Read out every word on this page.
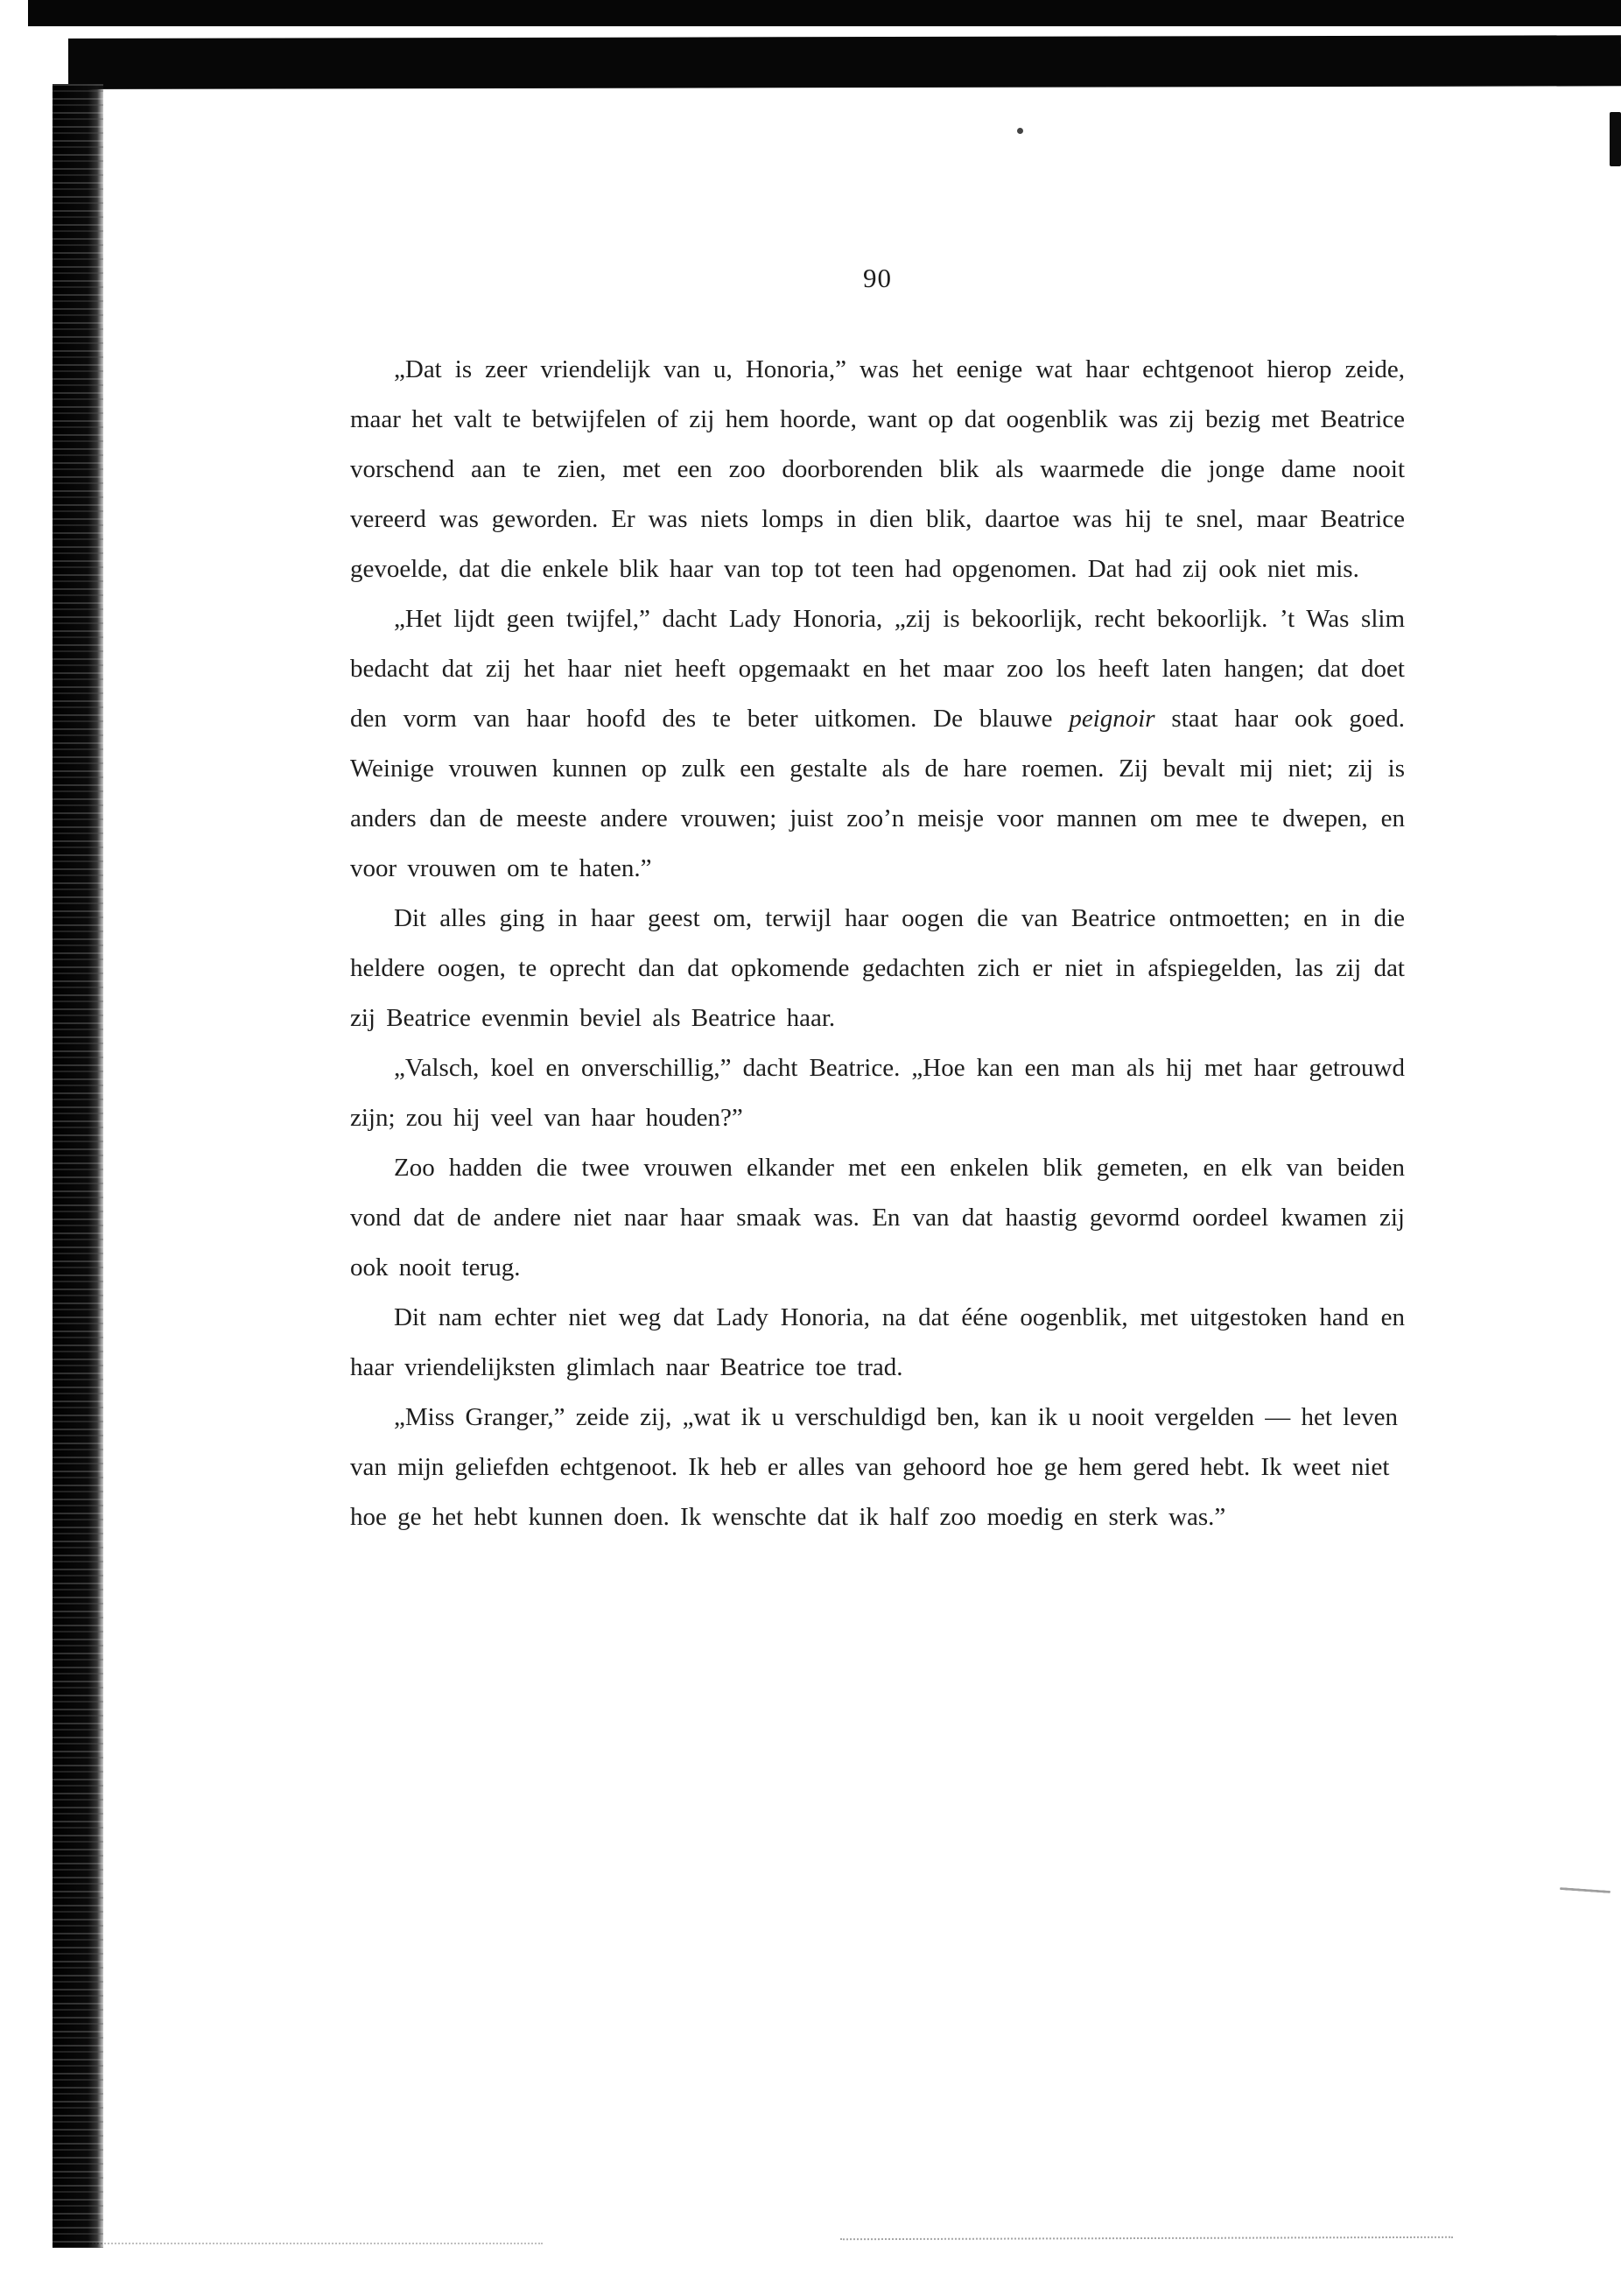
90

„Dat is zeer vriendelijk van u, Honoria,” was het eenige wat haar echtgenoot hierop zeide, maar het valt te betwijfelen of zij hem hoorde, want op dat oogenblik was zij bezig met Beatrice vorschend aan te zien, met een zoo doorborenden blik als waarmede die jonge dame nooit vereerd was geworden. Er was niets lomps in dien blik, daartoe was hij te snel, maar Beatrice gevoelde, dat die enkele blik haar van top tot teen had opgenomen. Dat had zij ook niet mis.

„Het lijdt geen twijfel,” dacht Lady Honoria, „zij is bekoorlijk, recht bekoorlijk. ’t Was slim bedacht dat zij het haar niet heeft opgemaakt en het maar zoo los heeft laten hangen; dat doet den vorm van haar hoofd des te beter uitkomen. De blauwe peignoir staat haar ook goed. Weinige vrouwen kunnen op zulk een gestalte als de hare roemen. Zij bevalt mij niet; zij is anders dan de meeste andere vrouwen; juist zoo’n meisje voor mannen om mee te dwepen, en voor vrouwen om te haten.”

Dit alles ging in haar geest om, terwijl haar oogen die van Beatrice ontmoetten; en in die heldere oogen, te oprecht dan dat opkomende gedachten zich er niet in afspiegelden, las zij dat zij Beatrice evenmin beviel als Beatrice haar.

„Valsch, koel en onverschillig,” dacht Beatrice. „Hoe kan een man als hij met haar getrouwd zijn; zou hij veel van haar houden?”

Zoo hadden die twee vrouwen elkander met een enkelen blik gemeten, en elk van beiden vond dat de andere niet naar haar smaak was. En van dat haastig gevormd oordeel kwamen zij ook nooit terug.

Dit nam echter niet weg dat Lady Honoria, na dat ééne oogenblik, met uitgestoken hand en haar vriendelijksten glimlach naar Beatrice toe trad.

„Miss Granger,” zeide zij, „wat ik u verschuldigd ben, kan ik u nooit vergelden — het leven van mijn geliefden echtgenoot. Ik heb er alles van gehoord hoe ge hem gered hebt. Ik weet niet hoe ge het hebt kunnen doen. Ik wenschte dat ik half zoo moedig en sterk was.”
